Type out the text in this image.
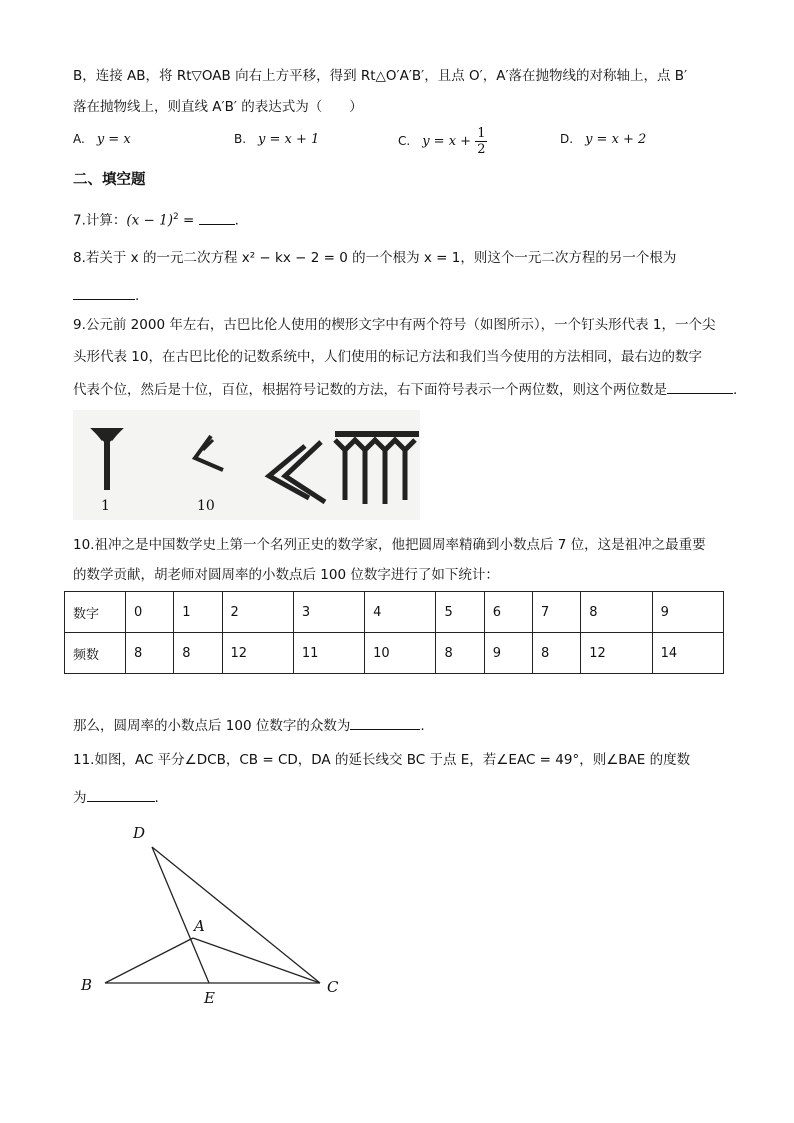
B，连接 AB，将 Rt▽OAB 向右上方平移，得到 Rt△O′A′B′，且点 O′，A′落在抛物线的对称轴上，点 B′
落在抛物线上，则直线 A′B′ 的表达式为（　　）
A. y = x	B. y = x + 1	C. $y = x + \frac{1}{2}$	D. y = x + 2
二、填空题
7.计算：$(x - 1)^2$ =	.
8.若关于 x 的一元二次方程 x² − kx − 2 = 0 的一个根为 x = 1，则这个一元二次方程的另一个根为
.
9.公元前 2000 年左右，古巴比伦人使用的楔形文字中有两个符号（如图所示），一个钉头形代表 1，一个尖
头形代表 10，在古巴比伦的记数系统中，人们使用的标记方法和我们当今使用的方法相同，最右边的数字
代表个位，然后是十位，百位，根据符号记数的方法，右下面符号表示一个两位数，则这个两位数是	.
1	10
10.祖冲之是中国数学史上第一个名列正史的数学家，他把圆周率精确到小数点后 7 位，这是祖冲之最重要
的数学贡献，胡老师对圆周率的小数点后 100 位数字进行了如下统计：
数字	0	1	2	3	4	5	6	7	8	9
频数	8	8	12	11	10	8	9	8	12	14
那么，圆周率的小数点后 100 位数字的众数为	.
11.如图，AC 平分∠DCB，CB = CD，DA 的延长线交 BC 于点 E，若∠EAC = 49°，则∠BAE 的度数
为	.
D
A
B
E
C
